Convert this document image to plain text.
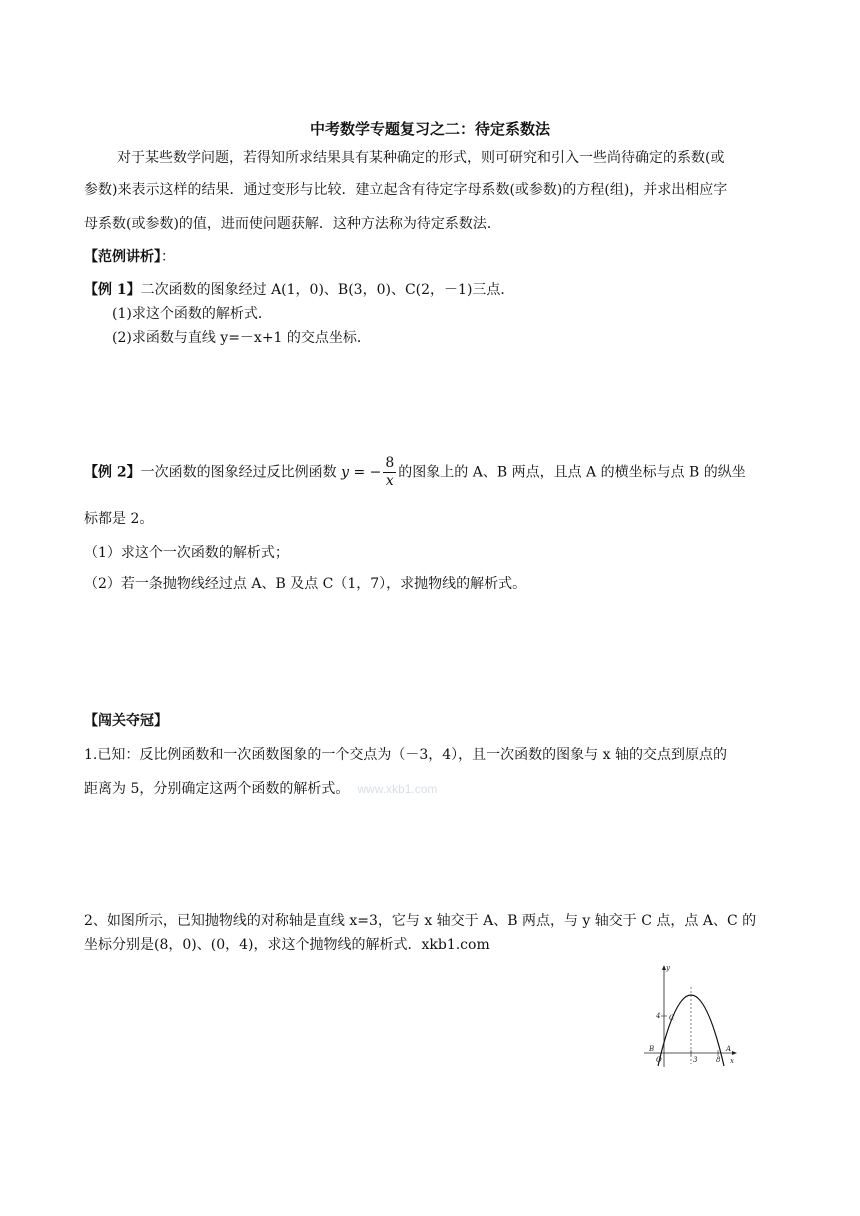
中考数学专题复习之二：待定系数法
对于某些数学问题，若得知所求结果具有某种确定的形式，则可研究和引入一些尚待确定的系数(或
参数)来表示这样的结果．通过变形与比较．建立起含有待定字母系数(或参数)的方程(组)，并求出相应字
母系数(或参数)的值，进而使问题获解．这种方法称为待定系数法．
【范例讲析】：
【例 1】二次函数的图象经过 A(1，0)、B(3，0)、C(2，－1)三点．
(1)求这个函数的解析式．
(2)求函数与直线 y=－x+1 的交点坐标．
【例 2】一次函数的图象经过反比例函数 y = − $\frac{8}{x}$ 的图象上的 A、B 两点，且点 A 的横坐标与点 B 的纵坐
标都是 2。
（1）求这个一次函数的解析式；
（2）若一条抛物线经过点 A、B 及点 C（1，7），求抛物线的解析式。
【闯关夺冠】
1.已知：反比例函数和一次函数图象的一个交点为（－3，4），且一次函数的图象与 x 轴的交点到原点的
距离为 5，分别确定这两个函数的解析式。 www.xkb1.com
2、如图所示，已知抛物线的对称轴是直线 x=3，它与 x 轴交于 A、B 两点，与 y 轴交于 C 点，点 A、C 的
坐标分别是(8，0)、(0，4)，求这个抛物线的解析式．xkb1.com
y
x
O
B	A
C
4
3	8
